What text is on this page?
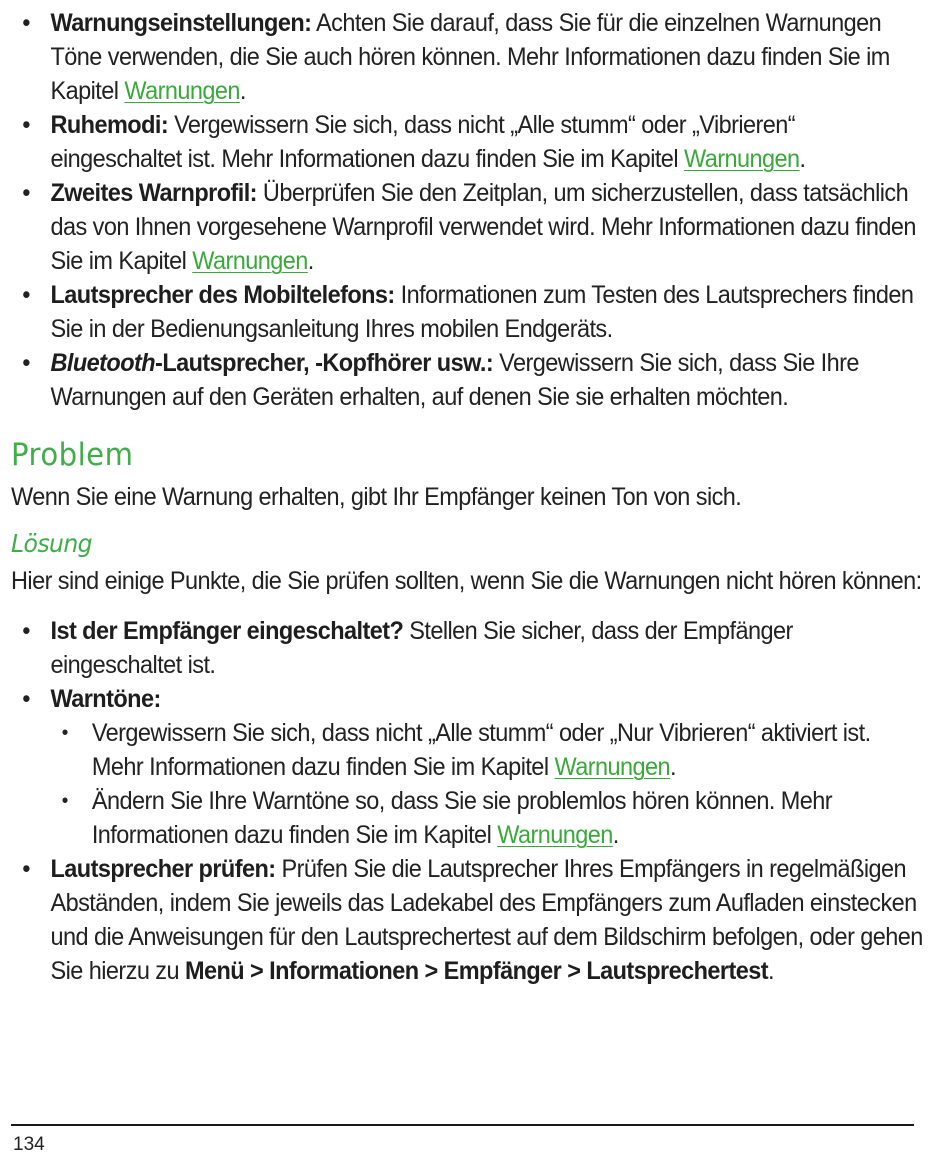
• Warnungseinstellungen: Achten Sie darauf, dass Sie für die einzelnen Warnungen Töne verwenden, die Sie auch hören können. Mehr Informationen dazu finden Sie im Kapitel Warnungen.
• Ruhemodi: Vergewissern Sie sich, dass nicht „Alle stumm“ oder „Vibrieren“ eingeschaltet ist. Mehr Informationen dazu finden Sie im Kapitel Warnungen.
• Zweites Warnprofil: Überprüfen Sie den Zeitplan, um sicherzustellen, dass tatsächlich das von Ihnen vorgesehene Warnprofil verwendet wird. Mehr Informationen dazu finden Sie im Kapitel Warnungen.
• Lautsprecher des Mobiltelefons: Informationen zum Testen des Lautsprechers finden Sie in der Bedienungsanleitung Ihres mobilen Endgeräts.
• Bluetooth-Lautsprecher, -Kopfhörer usw.: Vergewissern Sie sich, dass Sie Ihre Warnungen auf den Geräten erhalten, auf denen Sie sie erhalten möchten.
Problem

Wenn Sie eine Warnung erhalten, gibt Ihr Empfänger keinen Ton von sich.

Lösung

Hier sind einige Punkte, die Sie prüfen sollten, wenn Sie die Warnungen nicht hören können:

• Ist der Empfänger eingeschaltet? Stellen Sie sicher, dass der Empfänger eingeschaltet ist.
• Warntöne:
• Vergewissern Sie sich, dass nicht „Alle stumm“ oder „Nur Vibrieren“ aktiviert ist. Mehr Informationen dazu finden Sie im Kapitel Warnungen.
• Ändern Sie Ihre Warntöne so, dass Sie sie problemlos hören können. Mehr Informationen dazu finden Sie im Kapitel Warnungen.
• Lautsprecher prüfen: Prüfen Sie die Lautsprecher Ihres Empfängers in regelmäßigen Abständen, indem Sie jeweils das Ladekabel des Empfängers zum Aufladen einstecken und die Anweisungen für den Lautsprechertest auf dem Bildschirm befolgen, oder gehen Sie hierzu zu Menü > Informationen > Empfänger > Lautsprechertest.
134
